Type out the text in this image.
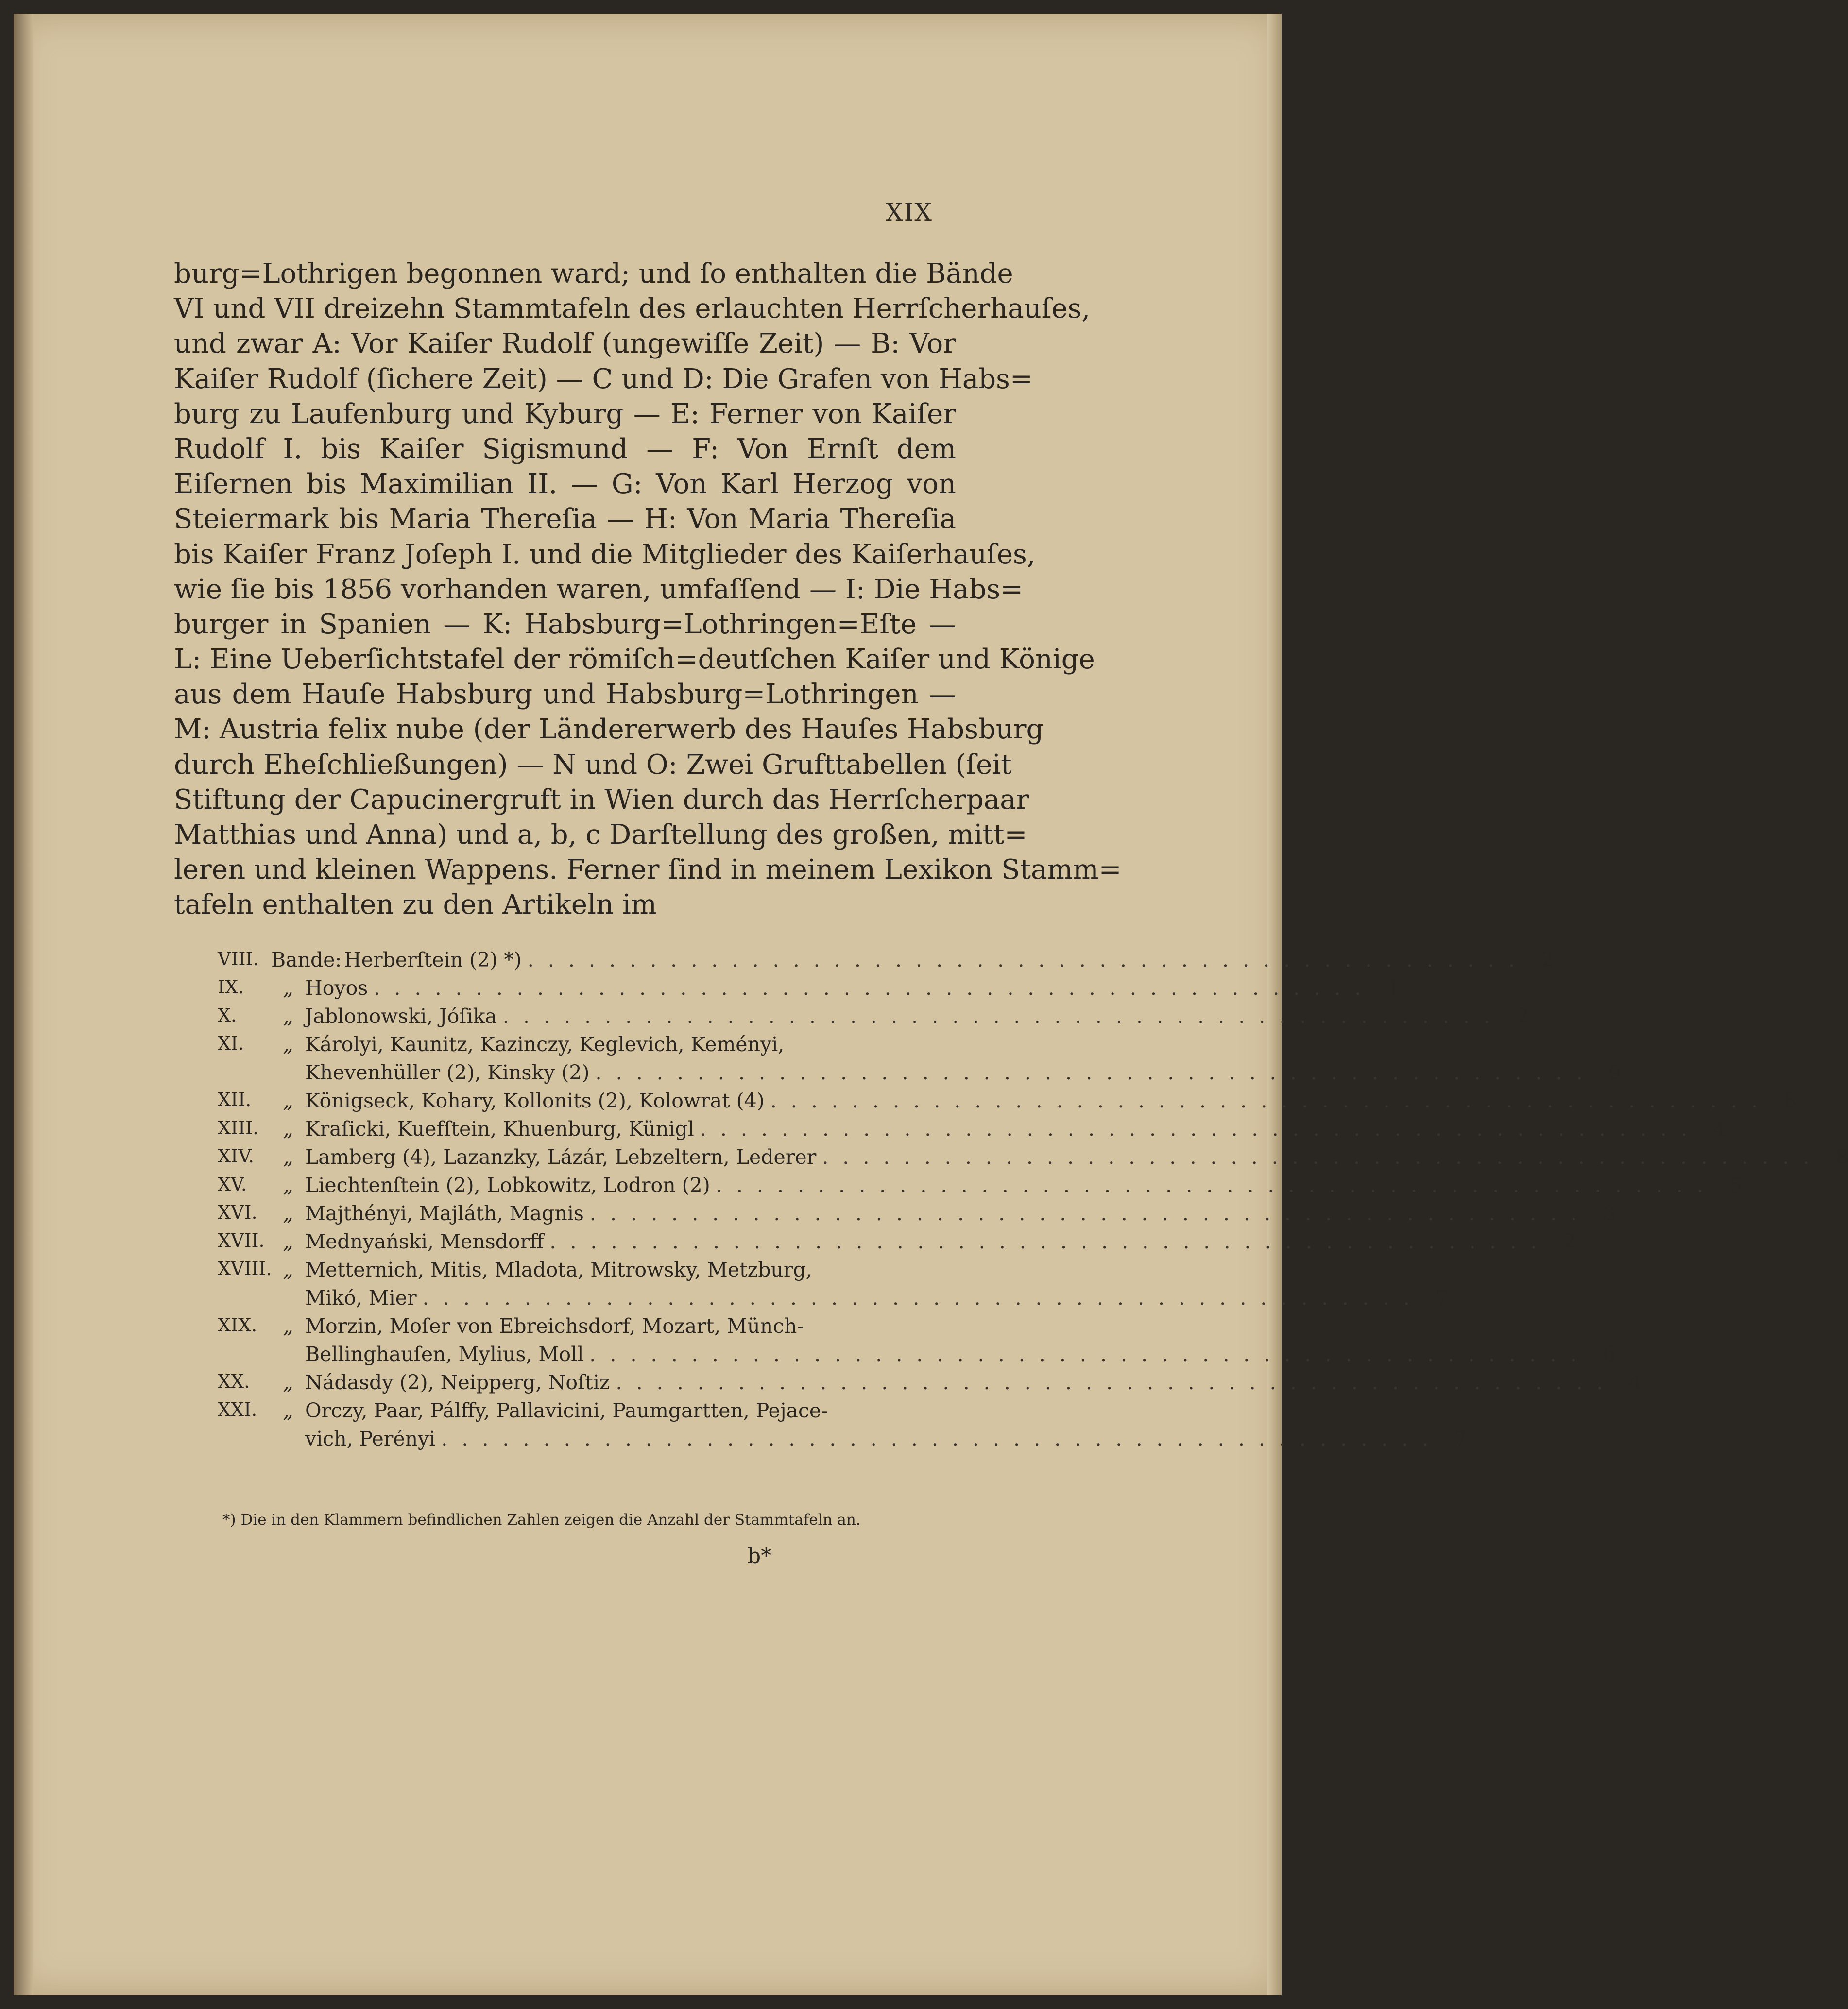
XIX
burg=Lothrigen begonnen ward; und ſo enthalten die Bände
VI und VII dreizehn Stammtafeln des erlauchten Herrſcherhauſes,
und zwar A: Vor Kaiſer Rudolf (ungewiſſe Zeit) — B: Vor
Kaiſer Rudolf (ſichere Zeit) — C und D: Die Grafen von Habs=
burg zu Laufenburg und Kyburg — E: Ferner von Kaiſer
Rudolf I. bis Kaiſer Sigismund — F: Von Ernſt dem
Eiſernen bis Maximilian II. — G: Von Karl Herzog von
Steiermark bis Maria Thereſia — H: Von Maria Thereſia
bis Kaiſer Franz Joſeph I. und die Mitglieder des Kaiſerhauſes,
wie ſie bis 1856 vorhanden waren, umfaſſend — I: Die Habs=
burger in Spanien — K: Habsburg=Lothringen=Eſte —
L: Eine Ueberſichtstafel der römiſch=deutſchen Kaiſer und Könige
aus dem Hauſe Habsburg und Habsburg=Lothringen —
M: Austria felix nube (der Ländererwerb des Hauſes Habsburg
durch Eheſchließungen) — N und O: Zwei Grufttabellen (ſeit
Stiftung der Capucinergruft in Wien durch das Herrſcherpaar
Matthias und Anna) und a, b, c Darſtellung des großen, mitt=
leren und kleinen Wappens. Ferner ſind in meinem Lexikon Stamm=
tafeln enthalten zu den Artikeln im
VIII. Bande: Herberſtein (2) *) . . .	2
IX.	„ Hoyos . . .	1
X.	„ Jablonowski, Jóſika . . .	2
XI.	„ Károlyi, Kaunitz, Kazinczy, Keglevich, Keményi,
Khevenhüller (2), Kinsky (2) . . .	9
XII.	„ Königseck, Kohary, Kollonits (2), Kolowrat (4) . . .	8
XIII.	„ Kraſicki, Kuefſtein, Khuenburg, Künigl . . .	4
XIV.	„ Lamberg (4), Lazanzky, Lázár, Lebzeltern, Lederer . . .	8
XV.	„ Liechtenſtein (2), Lobkowitz, Lodron (2) . . .	5
XVI.	„ Majthényi, Majláth, Magnis . . .	3
XVII. „ Mednyański, Mensdorff . . .	2
XVIII. „ Metternich, Mitis, Mladota, Mitrowsky, Metzburg,
Mikó, Mier . . .	7
XIX.	„ Morzin, Moſer von Ebreichsdorf, Mozart, Münch-
Bellinghauſen, Mylius, Moll . . .	6
XX.	„ Nádasdy (2), Neipperg, Noſtiz . . .	4
XXI.	„ Orczy, Paar, Pálffy, Pallavicini, Paumgartten, Pejace-
vich, Perényi . . .	7
*) Die in den Klammern befindlichen Zahlen zeigen die Anzahl der Stammtafeln an.
b*
